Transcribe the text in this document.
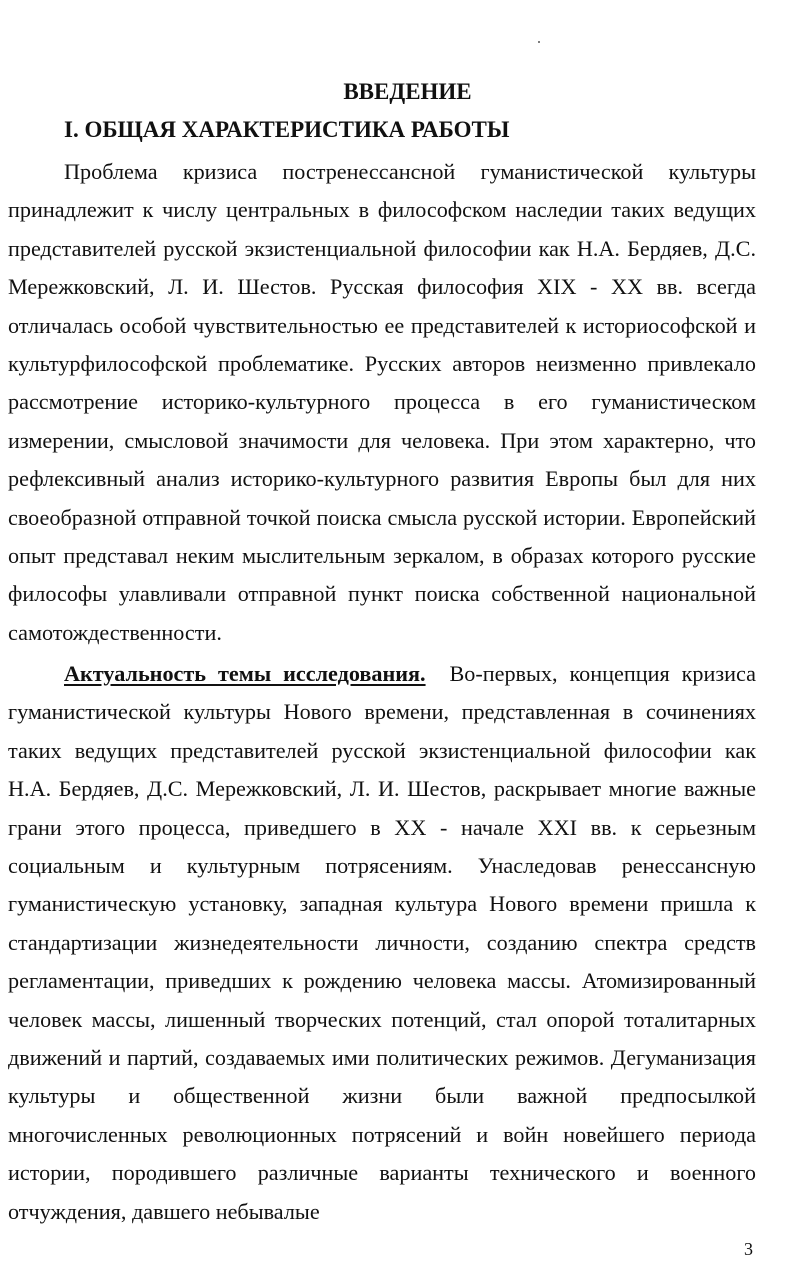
ВВЕДЕНИЕ
I. ОБЩАЯ ХАРАКТЕРИСТИКА РАБОТЫ

Проблема кризиса постренессансной гуманистической культуры принадлежит к числу центральных в философском наследии таких ведущих представителей русской экзистенциальной философии как Н.А. Бердяев, Д.С. Мережковский, Л. И. Шестов. Русская философия XIX - XX вв. всегда отличалась особой чувствительностью ее представителей к историософской и культурфилософской проблематике. Русских авторов неизменно привлекало рассмотрение историко-культурного процесса в его гуманистическом измерении, смысловой значимости для человека. При этом характерно, что рефлексивный анализ историко-культурного развития Европы был для них своеобразной отправной точкой поиска смысла русской истории. Европейский опыт представал неким мыслительным зеркалом, в образах которого русские философы улавливали отправной пункт поиска собственной национальной самотождественности.

Актуальность темы исследования. Во-первых, концепция кризиса гуманистической культуры Нового времени, представленная в сочинениях таких ведущих представителей русской экзистенциальной философии как Н.А. Бердяев, Д.С. Мережковский, Л. И. Шестов, раскрывает многие важные грани этого процесса, приведшего в XX - начале XXI вв. к серьезным социальным и культурным потрясениям. Унаследовав ренессансную гуманистическую установку, западная культура Нового времени пришла к стандартизации жизнедеятельности личности, созданию спектра средств регламентации, приведших к рождению человека массы. Атомизированный человек массы, лишенный творческих потенций, стал опорой тоталитарных движений и партий, создаваемых ими политических режимов. Дегуманизация культуры и общественной жизни были важной предпосылкой многочисленных революционных потрясений и войн новейшего периода истории, породившего различные варианты технического и военного отчуждения, давшего небывалые

3
